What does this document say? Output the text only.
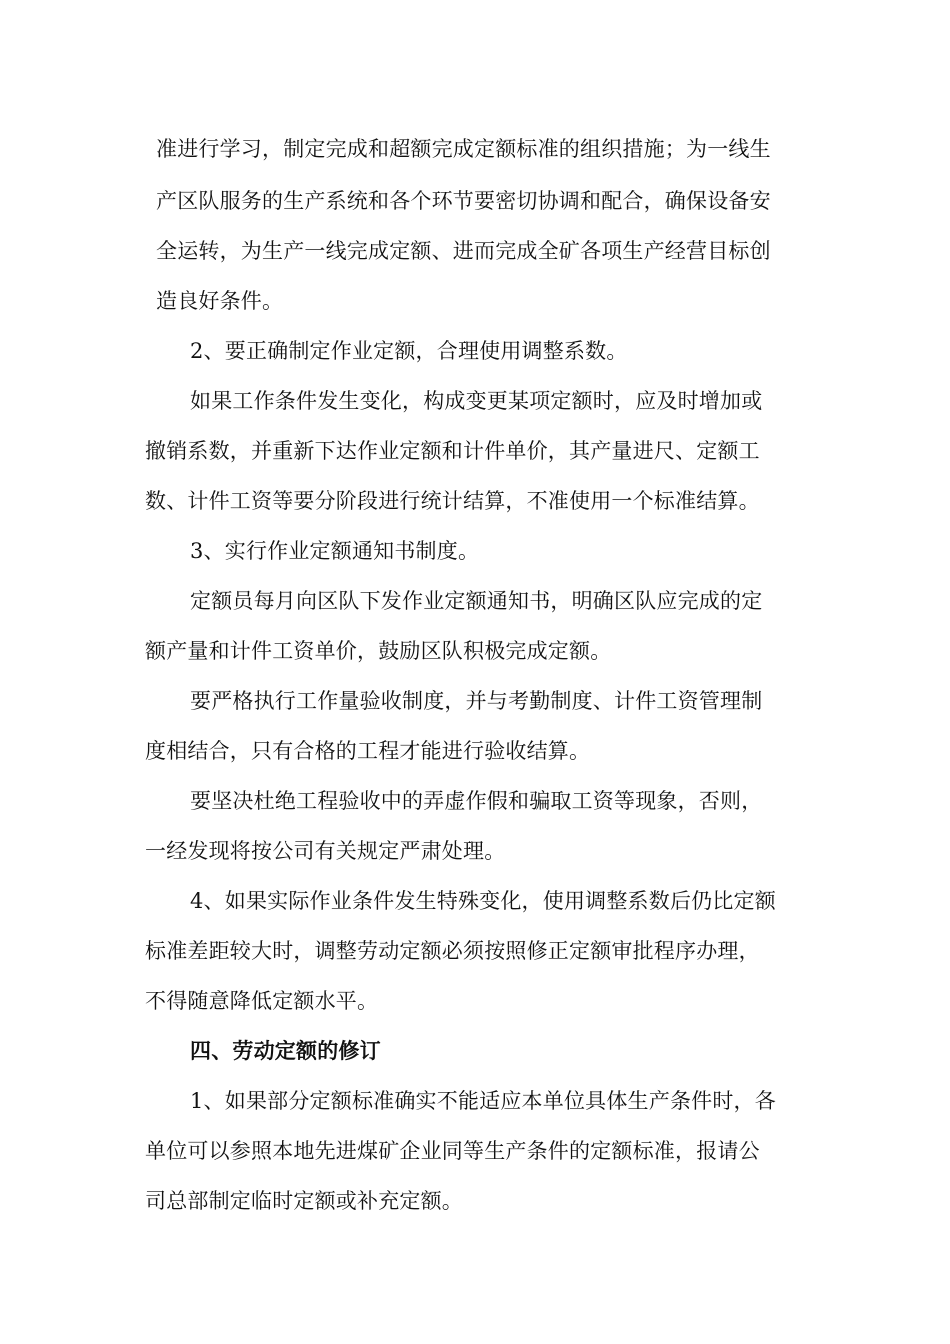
准进行学习，制定完成和超额完成定额标准的组织措施；为一线生

产区队服务的生产系统和各个环节要密切协调和配合，确保设备安

全运转，为生产一线完成定额、进而完成全矿各项生产经营目标创

造良好条件。

2、要正确制定作业定额，合理使用调整系数。

如果工作条件发生变化，构成变更某项定额时，应及时增加或

撤销系数，并重新下达作业定额和计件单价，其产量进尺、定额工

数、计件工资等要分阶段进行统计结算，不准使用一个标准结算。

3、实行作业定额通知书制度。

定额员每月向区队下发作业定额通知书，明确区队应完成的定

额产量和计件工资单价，鼓励区队积极完成定额。

要严格执行工作量验收制度，并与考勤制度、计件工资管理制

度相结合，只有合格的工程才能进行验收结算。

要坚决杜绝工程验收中的弄虚作假和骗取工资等现象，否则，

一经发现将按公司有关规定严肃处理。

4、如果实际作业条件发生特殊变化，使用调整系数后仍比定额

标准差距较大时，调整劳动定额必须按照修正定额审批程序办理，

不得随意降低定额水平。

四、劳动定额的修订

1、如果部分定额标准确实不能适应本单位具体生产条件时，各

单位可以参照本地先进煤矿企业同等生产条件的定额标准，报请公

司总部制定临时定额或补充定额。
